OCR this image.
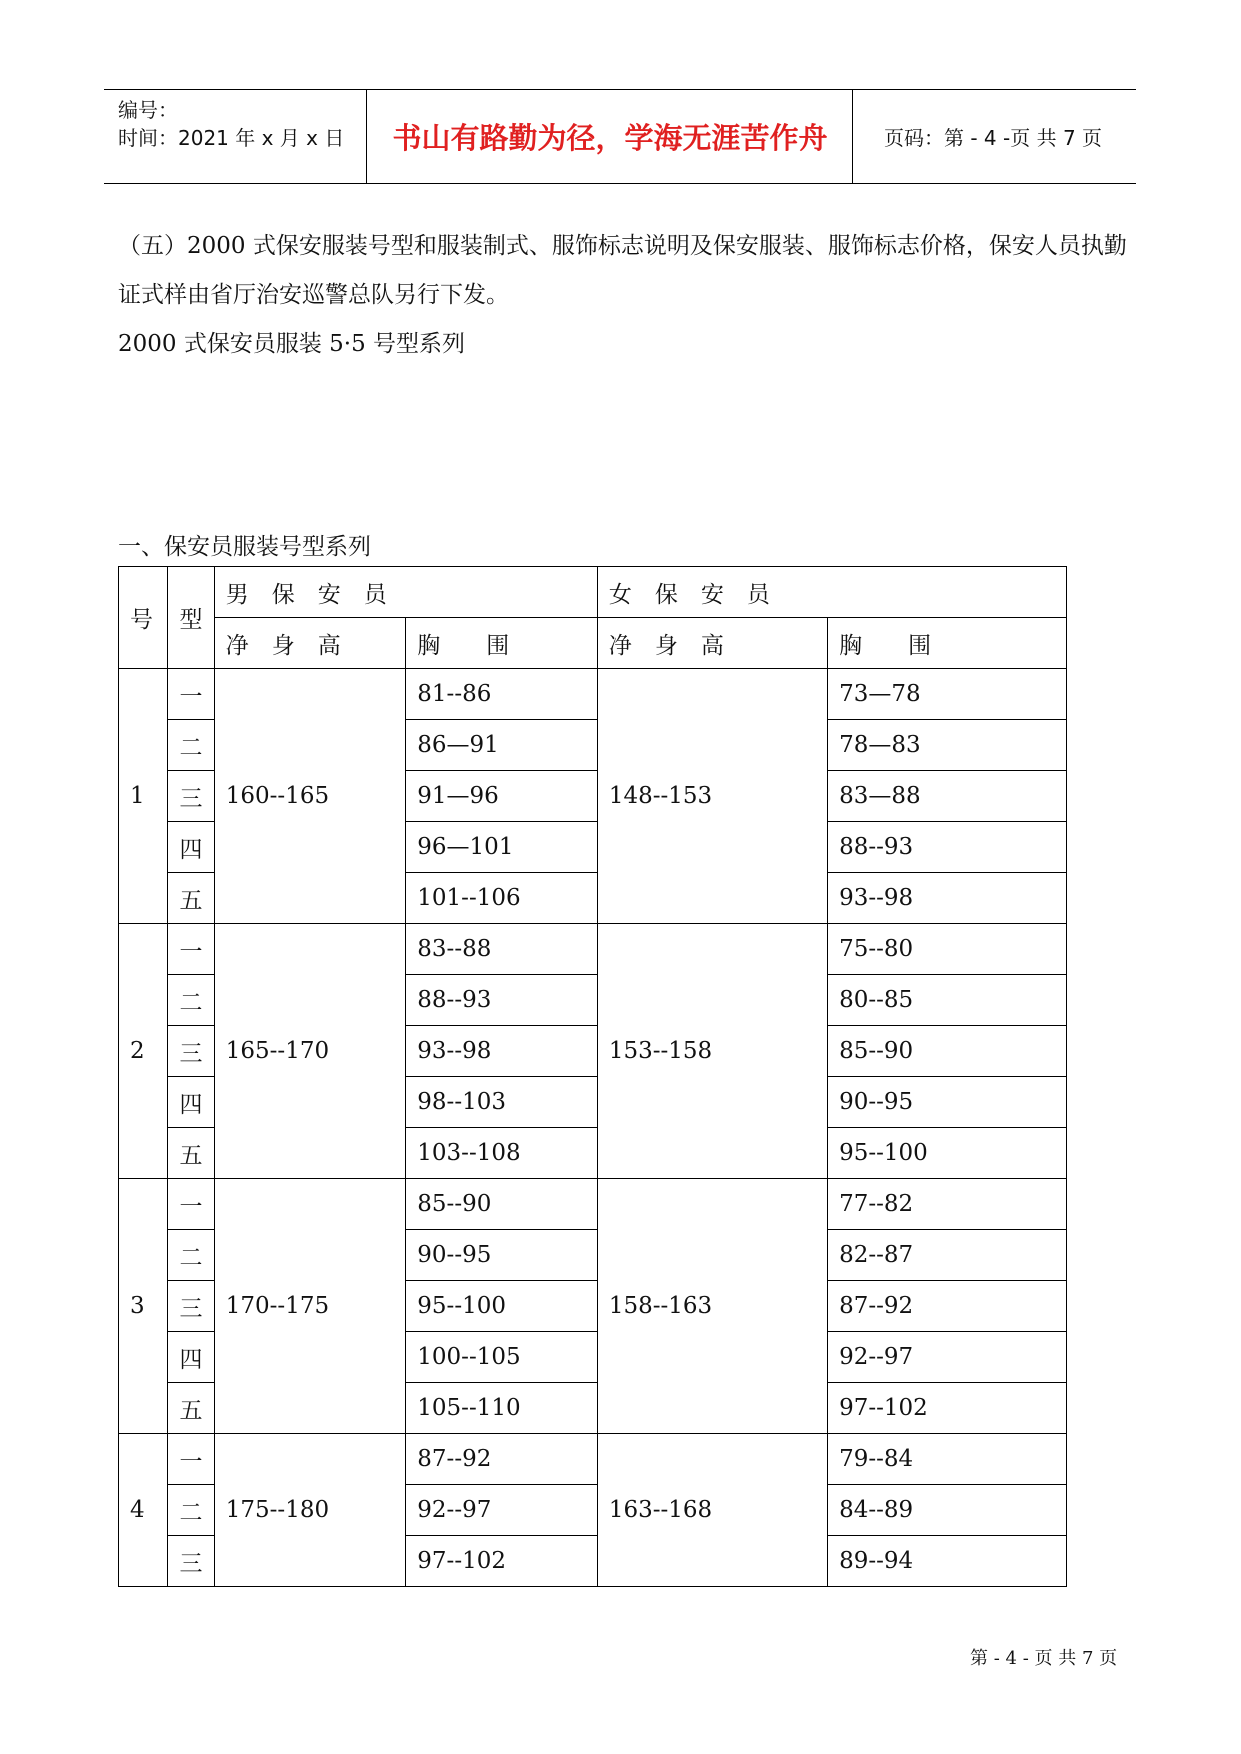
编号：
时间：2021 年 x 月 x 日	书山有路勤为径，学海无涯苦作舟	页码：第 - 4 -页 共 7 页
（五）2000 式保安服装号型和服装制式、服饰标志说明及保安服装、服饰标志价格，保安人员执勤证式样由省厅治安巡警总队另行下发。
2000 式保安员服装 5·5 号型系列
一、保安员服装号型系列
号	型	男　保　安　员		女　保　安　员	
		净　身　高	胸　　围	净　身　高	胸　　围
1	一	160--165	81--86	148--153	73—78
	二		86—91		78—83
	三		91—96		83—88
	四		96—101		88--93
	五		101--106		93--98
2	一	165--170	83--88	153--158	75--80
	二		88--93		80--85
	三		93--98		85--90
	四		98--103		90--95
	五		103--108		95--100
3	一	170--175	85--90	158--163	77--82
	二		90--95		82--87
	三		95--100		87--92
	四		100--105		92--97
	五		105--110		97--102
4	一	175--180	87--92	163--168	79--84
	二		92--97		84--89
	三		97--102		89--94
第 - 4 - 页 共 7 页
